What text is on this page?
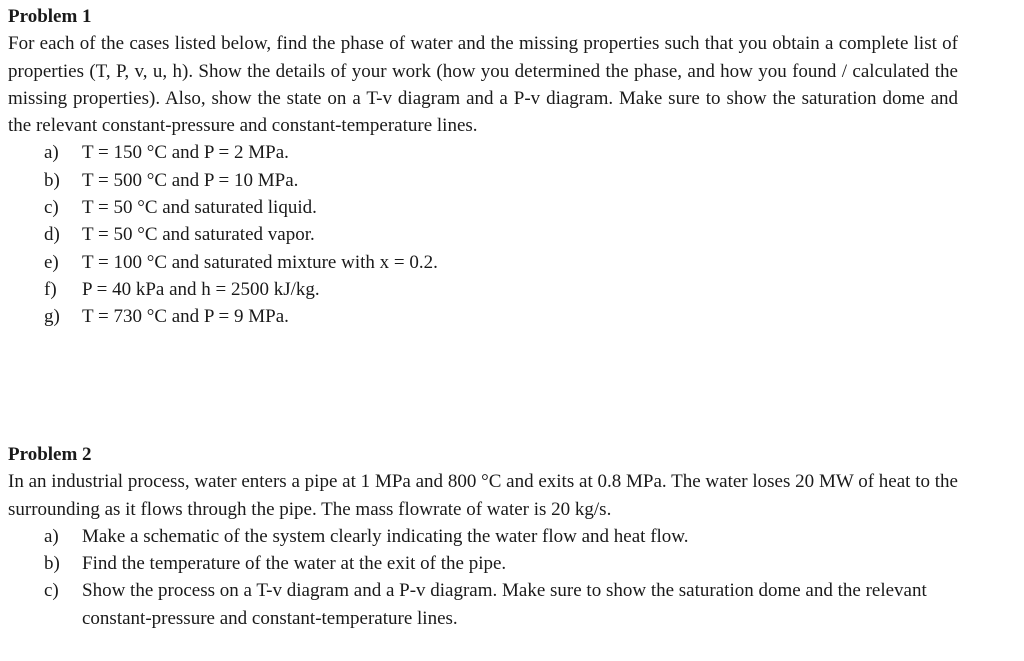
Problem 1
For each of the cases listed below, find the phase of water and the missing properties such that you obtain a complete list of properties (T, P, v, u, h). Show the details of your work (how you determined the phase, and how you found / calculated the missing properties). Also, show the state on a T-v diagram and a P-v diagram. Make sure to show the saturation dome and the relevant constant-pressure and constant-temperature lines.
a) T = 150 °C and P = 2 MPa.
b) T = 500 °C and P = 10 MPa.
c) T = 50 °C and saturated liquid.
d) T = 50 °C and saturated vapor.
e) T = 100 °C and saturated mixture with x = 0.2.
f) P = 40 kPa and h = 2500 kJ/kg.
g) T = 730 °C and P = 9 MPa.
Problem 2
In an industrial process, water enters a pipe at 1 MPa and 800 °C and exits at 0.8 MPa. The water loses 20 MW of heat to the surrounding as it flows through the pipe. The mass flowrate of water is 20 kg/s.
a) Make a schematic of the system clearly indicating the water flow and heat flow.
b) Find the temperature of the water at the exit of the pipe.
c) Show the process on a T-v diagram and a P-v diagram. Make sure to show the saturation dome and the relevant constant-pressure and constant-temperature lines.
